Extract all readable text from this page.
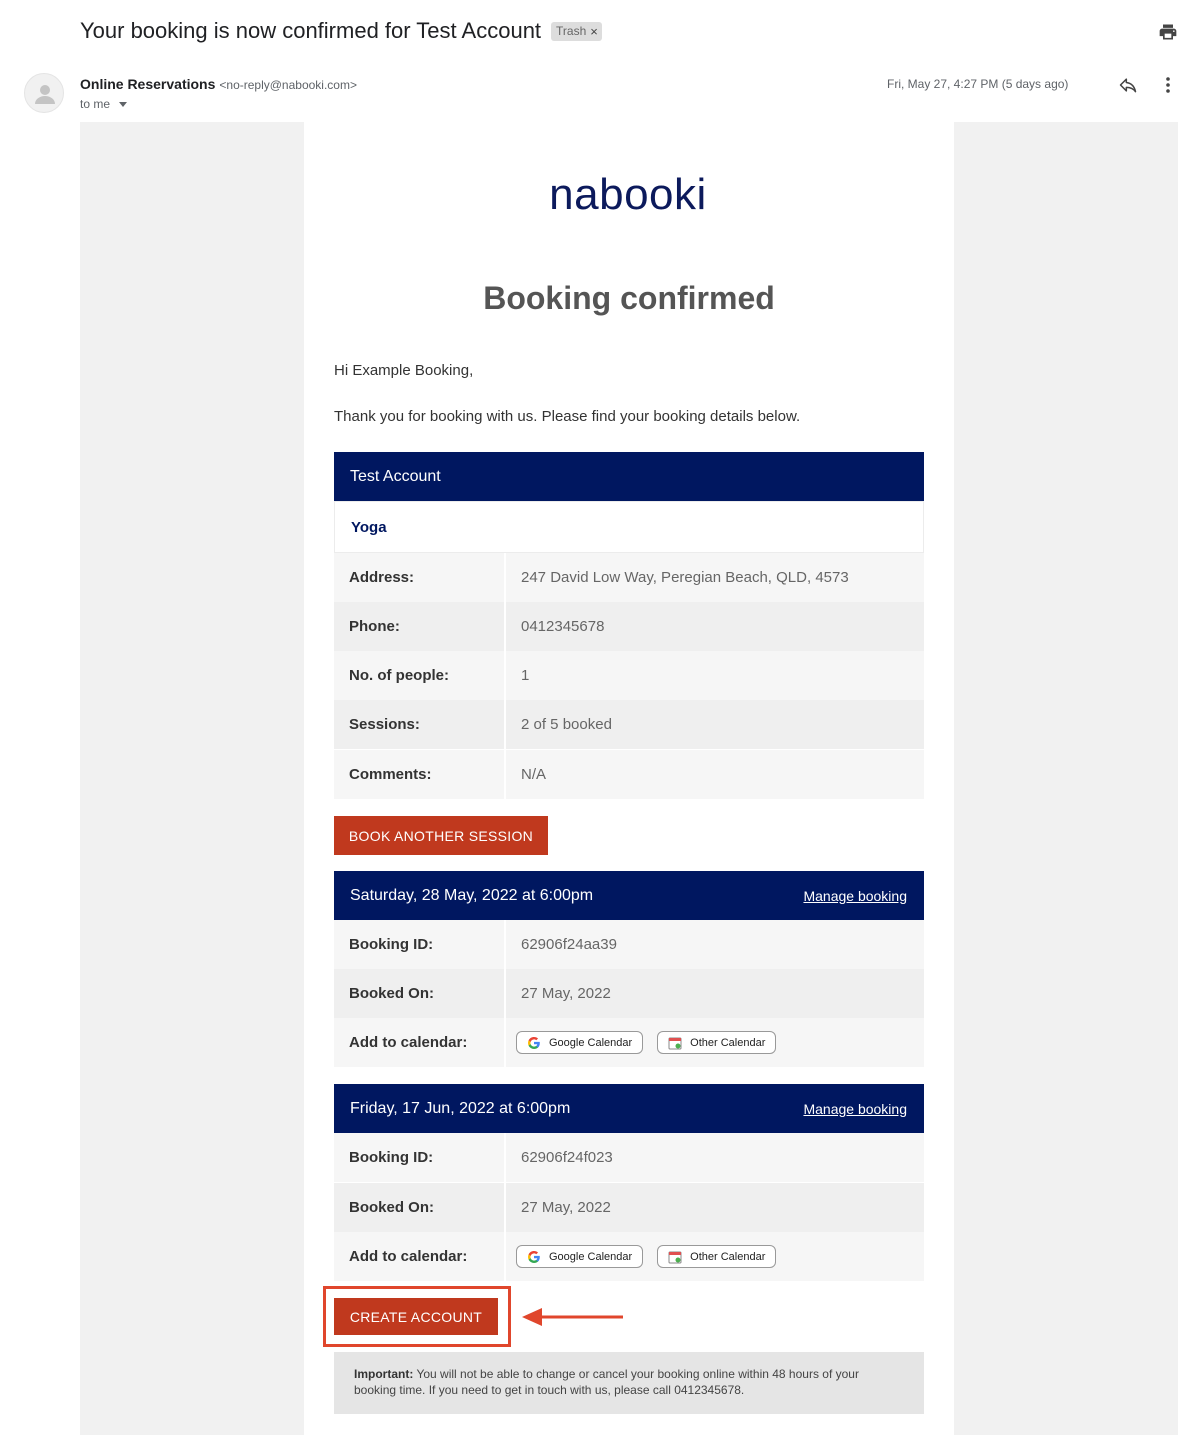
Your booking is now confirmed for Test Account Trash ×
Online Reservations <no-reply@nabooki.com>
to me
Fri, May 27, 4:27 PM (5 days ago)
nabooki
Booking confirmed
Hi Example Booking,
Thank you for booking with us. Please find your booking details below.
Test Account
Yoga
Address:	247 David Low Way, Peregian Beach, QLD, 4573
Phone:	0412345678
No. of people:	1
Sessions:	2 of 5 booked
Comments:	N/A
BOOK ANOTHER SESSION
Saturday, 28 May, 2022 at 6:00pm	Manage booking
Booking ID:	62906f24aa39
Booked On:	27 May, 2022
Add to calendar:	Google Calendar	Other Calendar
Friday, 17 Jun, 2022 at 6:00pm	Manage booking
Booking ID:	62906f24f023
Booked On:	27 May, 2022
Add to calendar:	Google Calendar	Other Calendar
CREATE ACCOUNT
Important: You will not be able to change or cancel your booking online within 48 hours of your booking time. If you need to get in touch with us, please call 0412345678.
